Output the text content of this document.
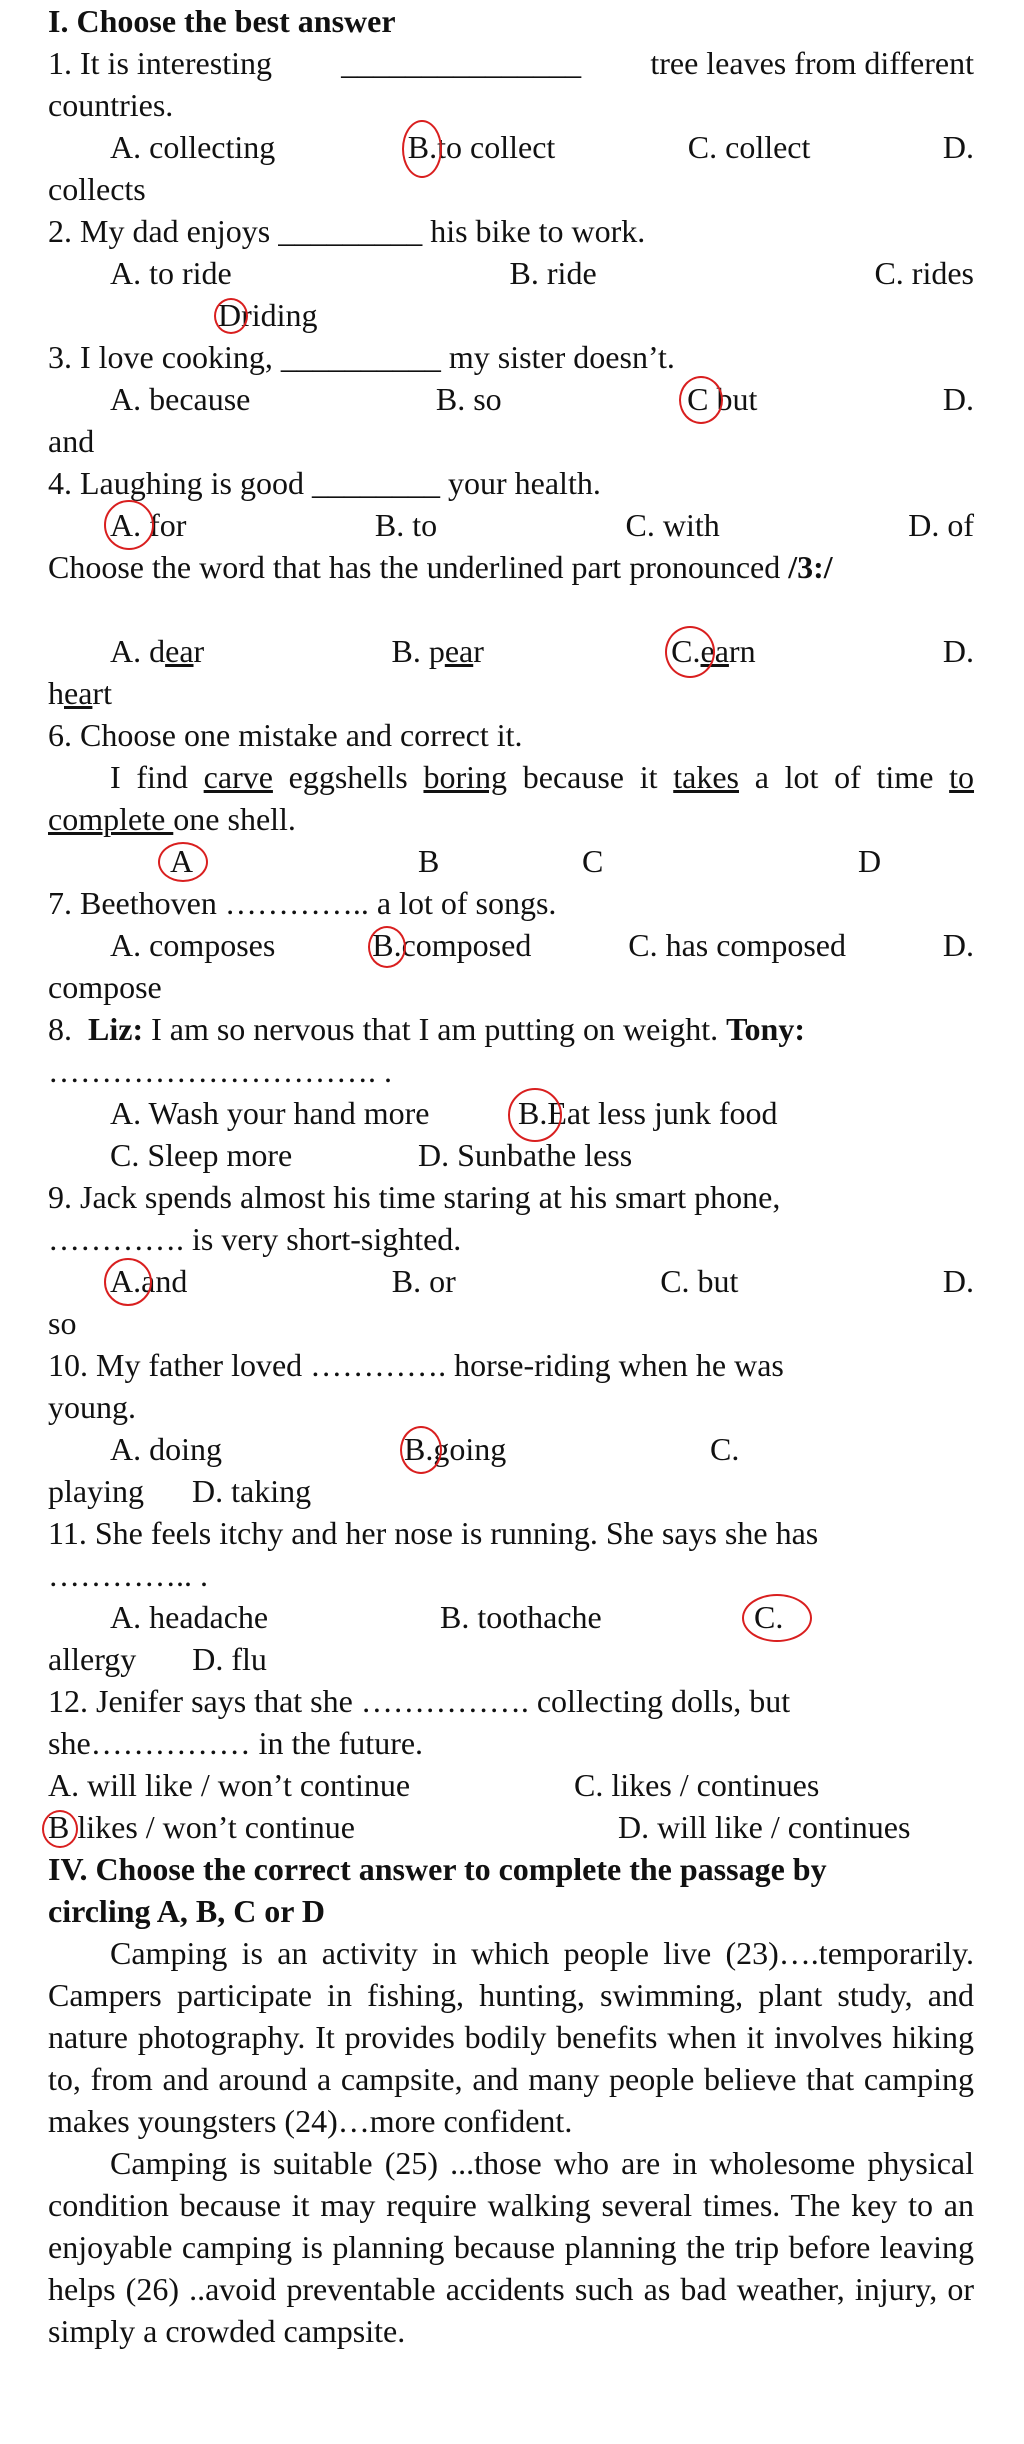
I. Choose the best answer

1. It is interesting _______________ tree leaves from different

countries.

A. collecting	B.to collect	C. collect	D.

collects

2. My dad enjoys _________ his bike to work.

A. to ride	B. ride	C. rides

Driding

3. I love cooking, __________ my sister doesn’t.

A. because	B. so	C but	D.

and

4. Laughing is good ________ your health.

A. for	B. to	C. with	D. of

Choose the word that has the underlined part pronounced /3:/

A. dear	B. pear	C.earn	D.

heart

6. Choose one mistake and correct it.

I find carve eggshells boring because it takes a lot of time to

complete one shell.

A	B	C	D

7. Beethoven ………….. a lot of songs.

A. composes	B.composed	C. has composed	D.

compose

8. Liz: I am so nervous that I am putting on weight. Tony:

…………………………. .

A. Wash your hand more	B.Eat less junk food

C. Sleep more	D. Sunbathe less

9. Jack spends almost his time staring at his smart phone,

…………. is very short-sighted.

A.and	B. or	C. but	D.

so

10. My father loved …………. horse-riding when he was

young.

A. doing	B.going	C.

playing D. taking

11. She feels itchy and her nose is running. She says she has

………….. .

A. headache	B. toothache	C.

allergy D. flu

12. Jenifer says that she ……………. collecting dolls, but

she…………… in the future.

A. will like / won’t continue	C. likes / continues

B likes / won’t continue	D. will like / continues

IV. Choose the correct answer to complete the passage by

circling A, B, C or D

Camping is an activity in which people live (23)….temporarily. Campers participate in fishing, hunting, swimming, plant study, and nature photography. It provides bodily benefits when it involves hiking to, from and around a campsite, and many people believe that camping makes youngsters (24)…more confident.

Camping is suitable (25) ...those who are in wholesome physical condition because it may require walking several times. The key to an enjoyable camping is planning because planning the trip before leaving helps (26) ..avoid preventable accidents such as bad weather, injury, or simply a crowded campsite.
